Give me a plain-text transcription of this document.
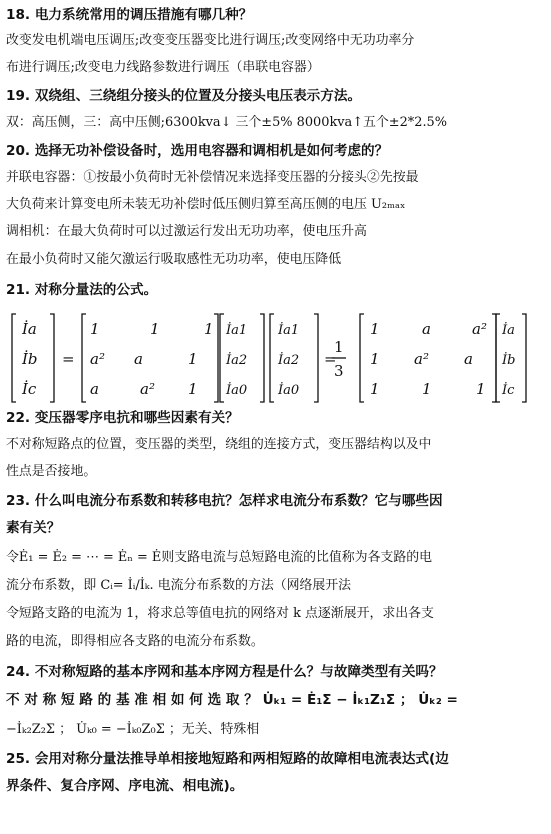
18. 电力系统常用的调压措施有哪几种？
改变发电机端电压调压;改变变压器变比进行调压;改变网络中无功功率分
布进行调压;改变电力线路参数进行调压（串联电容器）
19. 双绕组、三绕组分接头的位置及分接头电压表示方法。
双：高压侧，三：高中压侧;6300kva↓ 三个±5% 8000kva↑五个±2*2.5%
20. 选择无功补偿设备时，选用电容器和调相机是如何考虑的？
并联电容器：①按最小负荷时无补偿情况来选择变压器的分接头②先按最
大负荷来计算变电所未装无功补偿时低压侧归算至高压侧的电压 U₂ₘₐₓ
调相机：在最大负荷时可以过激运行发出无功功率，使电压升高
在最小负荷时又能欠激运行吸取感性无功功率，使电压降低
21. 对称分量法的公式。
İa
İb
İc
=
1	1	1
a² a	1
a	a² 1
İa1
İa2
İa0
İa1
İa2
İa0
=
1
3
1	a	a²
1 a² a
1	1	1
İa
İb
İc
22. 变压器零序电抗和哪些因素有关？
不对称短路点的位置，变压器的类型，绕组的连接方式，变压器结构以及中
性点是否接地。
23. 什么叫电流分布系数和转移电抗？怎样求电流分布系数？它与哪些因
素有关？
令Ė₁ = Ė₂ = ⋯ = Ėₙ = Ė则支路电流与总短路电流的比值称为各支路的电
流分布系数，即 Cᵢ= İᵢ/İₖ. 电流分布系数的方法（网络展开法
令短路支路的电流为 1，将求总等值电抗的网络对 k 点逐渐展开，求出各支
路的电流，即得相应各支路的电流分布系数。
24. 不对称短路的基本序网和基本序网方程是什么？与故障类型有关吗？
不 对 称 短 路 的 基 准 相 如 何 选 取 ？ U̇ₖ₁ = Ė₁Σ − İₖ₁Z₁Σ ； U̇ₖ₂ =
−İₖ₂Z₂Σ ； U̇ₖ₀ = −İₖ₀Z₀Σ ；无关、特殊相
25. 会用对称分量法推导单相接地短路和两相短路的故障相电流表达式(边
界条件、复合序网、序电流、相电流)。
